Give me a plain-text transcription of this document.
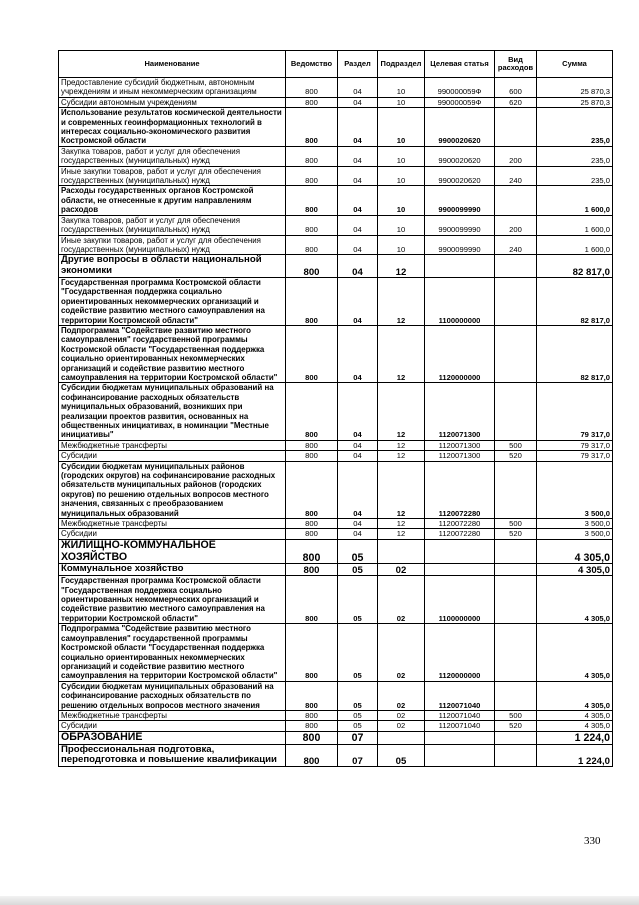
Наименование	Ведомство	Раздел	Подраздел	Целевая статья	Вид расходов	Сумма
Предоставление субсидий бюджетным, автономным учреждениям и иным некоммерческим организациям	800	04	10	990000059Ф	600	25 870,3
Субсидии автономным учреждениям	800	04	10	990000059Ф	620	25 870,3
Использование результатов космической деятельности и современных геоинформационных технологий в интересах социально-экономического развития Костромской области	800	04	10	9900020620		235,0
Закупка товаров, работ и услуг для обеспечения государственных (муниципальных) нужд	800	04	10	9900020620	200	235,0
Иные закупки товаров, работ и услуг для обеспечения государственных (муниципальных) нужд	800	04	10	9900020620	240	235,0
Расходы государственных органов Костромской области, не отнесенные к другим направлениям расходов	800	04	10	9900099990		1 600,0
Закупка товаров, работ и услуг для обеспечения государственных (муниципальных) нужд	800	04	10	9900099990	200	1 600,0
Иные закупки товаров, работ и услуг для обеспечения государственных (муниципальных) нужд	800	04	10	9900099990	240	1 600,0
Другие вопросы в области национальной экономики	800	04	12			82 817,0
Государственная программа Костромской области "Государственная поддержка социально ориентированных некоммерческих организаций и содействие развитию местного самоуправления на территории Костромской области"	800	04	12	1100000000		82 817,0
Подпрограмма "Содействие развитию местного самоуправления" государственной программы Костромской области "Государственная поддержка социально ориентированных некоммерческих организаций и содействие развитию местного самоуправления на территории Костромской области"	800	04	12	1120000000		82 817,0
Субсидии бюджетам муниципальных образований на софинансирование расходных обязательств муниципальных образований, возникших при реализации проектов развития, основанных на общественных инициативах, в номинации "Местные инициативы"	800	04	12	1120071300		79 317,0
Межбюджетные трансферты	800	04	12	1120071300	500	79 317,0
Субсидии	800	04	12	1120071300	520	79 317,0
Субсидии бюджетам муниципальных районов (городских округов) на софинансирование расходных обязательств муниципальных районов (городских округов) по решению отдельных вопросов местного значения, связанных с преобразованием муниципальных образований	800	04	12	1120072280		3 500,0
Межбюджетные трансферты	800	04	12	1120072280	500	3 500,0
Субсидии	800	04	12	1120072280	520	3 500,0
ЖИЛИЩНО-КОММУНАЛЬНОЕ ХОЗЯЙСТВО	800	05				4 305,0
Коммунальное хозяйство	800	05	02			4 305,0
Государственная программа Костромской области "Государственная поддержка социально ориентированных некоммерческих организаций и содействие развитию местного самоуправления на территории Костромской области"	800	05	02	1100000000		4 305,0
Подпрограмма "Содействие развитию местного самоуправления" государственной программы Костромской области "Государственная поддержка социально ориентированных некоммерческих организаций и содействие развитию местного самоуправления на территории Костромской области"	800	05	02	1120000000		4 305,0
Субсидии бюджетам муниципальных образований на софинансирование расходных обязательств по решению отдельных вопросов местного значения	800	05	02	1120071040		4 305,0
Межбюджетные трансферты	800	05	02	1120071040	500	4 305,0
Субсидии	800	05	02	1120071040	520	4 305,0
ОБРАЗОВАНИЕ	800	07				1 224,0
Профессиональная подготовка, переподготовка и повышение квалификации	800	07	05			1 224,0
330
